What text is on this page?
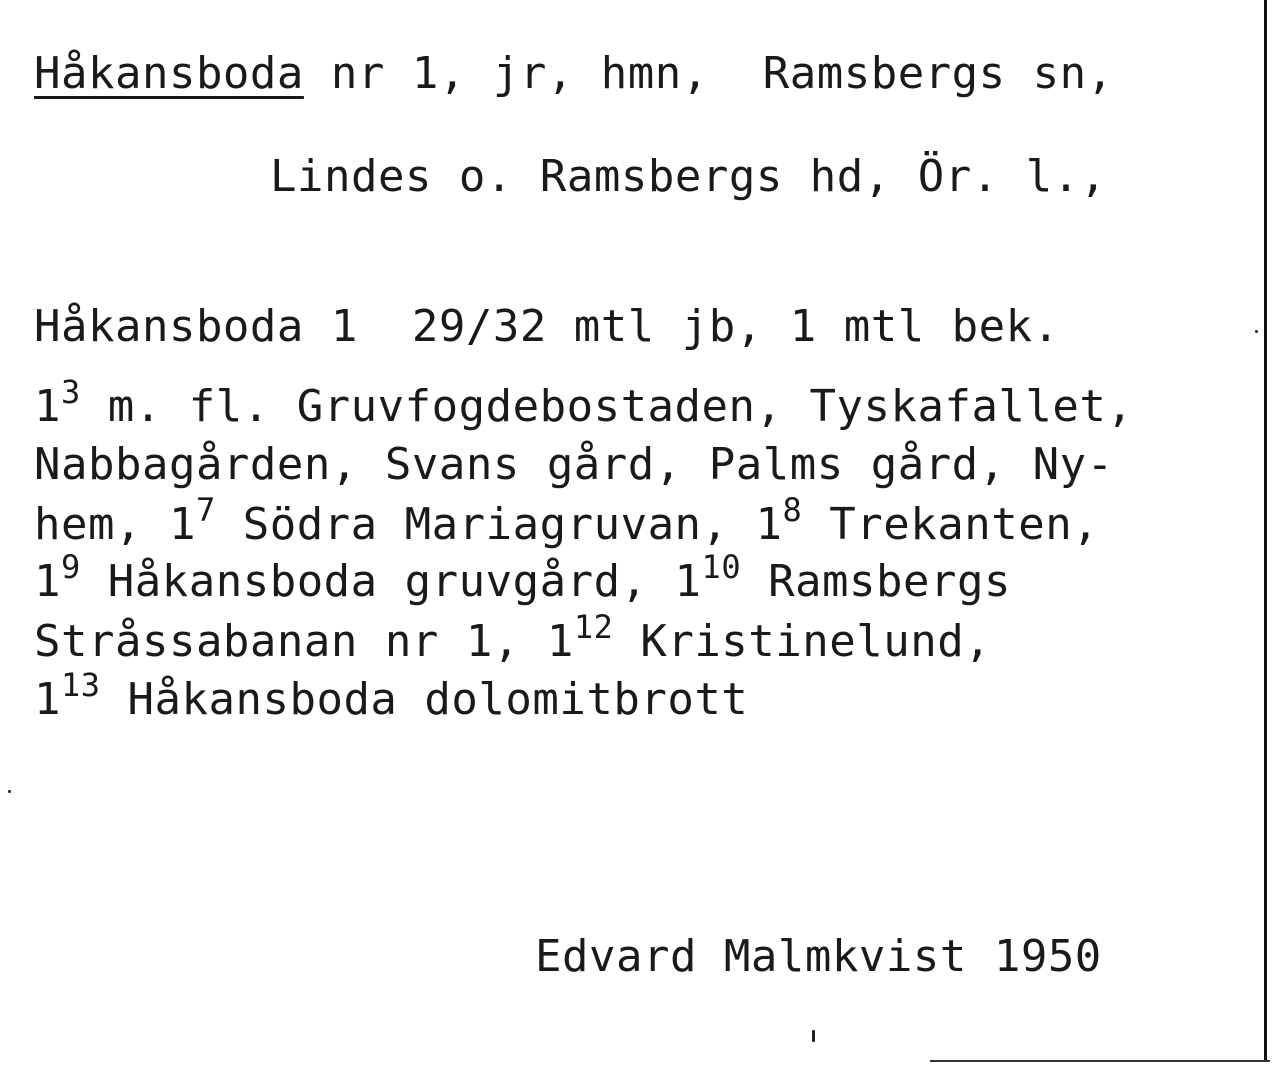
Håkansboda nr 1, jr, hmn,  Ramsbergs sn,
Lindes o. Ramsbergs hd, Ör. l.,
Håkansboda 1  29/32 mtl jb, 1 mtl bek.
$1^3$ m. fl. Gruvfogdebostaden, Tyskafallet,
Nabbagården, Svans gård, Palms gård, Ny-
hem, $1^7$ Södra Mariagruvan, $1^8$ Trekanten,
$1^9$ Håkansboda gruvgård, $1^{10}$ Ramsbergs
Stråssabanan nr 1, $1^{12}$ Kristinelund,
$1^{13}$ Håkansboda dolomitbrott
Edvard Malmkvist 1950
